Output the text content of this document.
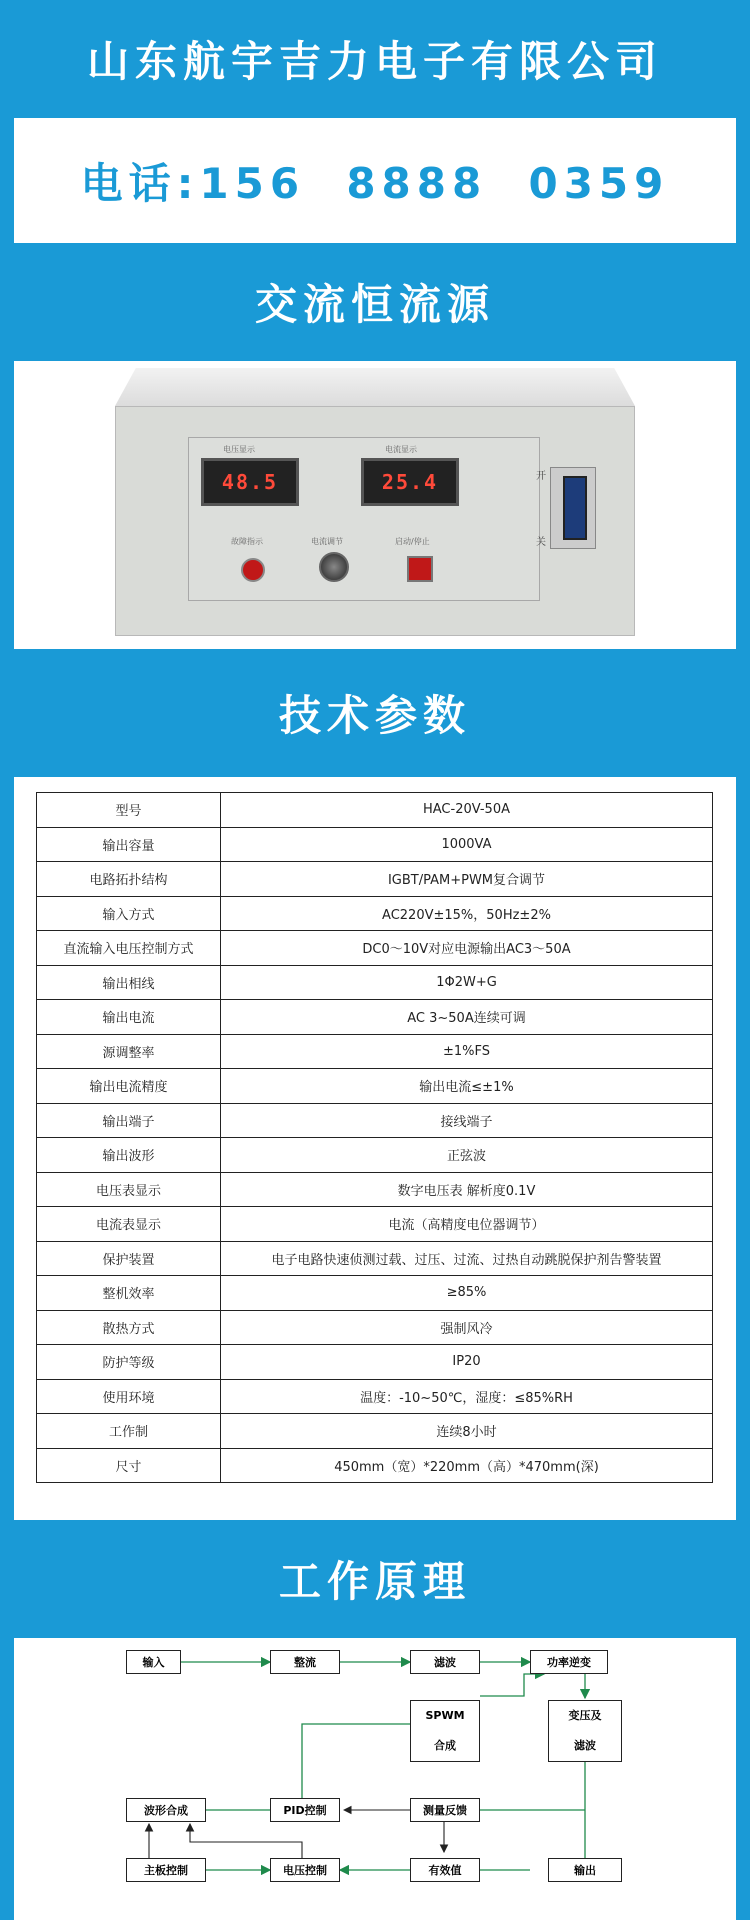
山东航宇吉力电子有限公司
电话:156  8888  0359
交流恒流源
电压显示
48.5
电流显示
25.4
故障指示	电流调节	启动/停止
开
关
技术参数
型号	HAC-20V-50A
输出容量	1000VA
电路拓扑结构	IGBT/PAM+PWM复合调节
输入方式	AC220V±15%，50Hz±2%
直流输入电压控制方式	DC0～10V对应电源输出AC3～50A
输出相线	1Φ2W+G
输出电流	AC 3~50A连续可调
源调整率	±1%FS
输出电流精度	输出电流≤±1%
输出端子	接线端子
输出波形	正弦波
电压表显示	数字电压表 解析度0.1V
电流表显示	电流（高精度电位器调节）
保护装置	电子电路快速侦测过载、过压、过流、过热自动跳脱保护剂告警装置
整机效率	≥85%
散热方式	强制风冷
防护等级	IP20
使用环境	温度：-10~50℃，湿度：≤85%RH
工作制	连续8小时
尺寸	450mm（宽）*220mm（高）*470mm(深)
工作原理
输入	整流	滤波	功率逆变
SPWM
合成
变压及
滤波
波形合成	PID控制	测量反馈
主板控制	电压控制	有效值	输出
